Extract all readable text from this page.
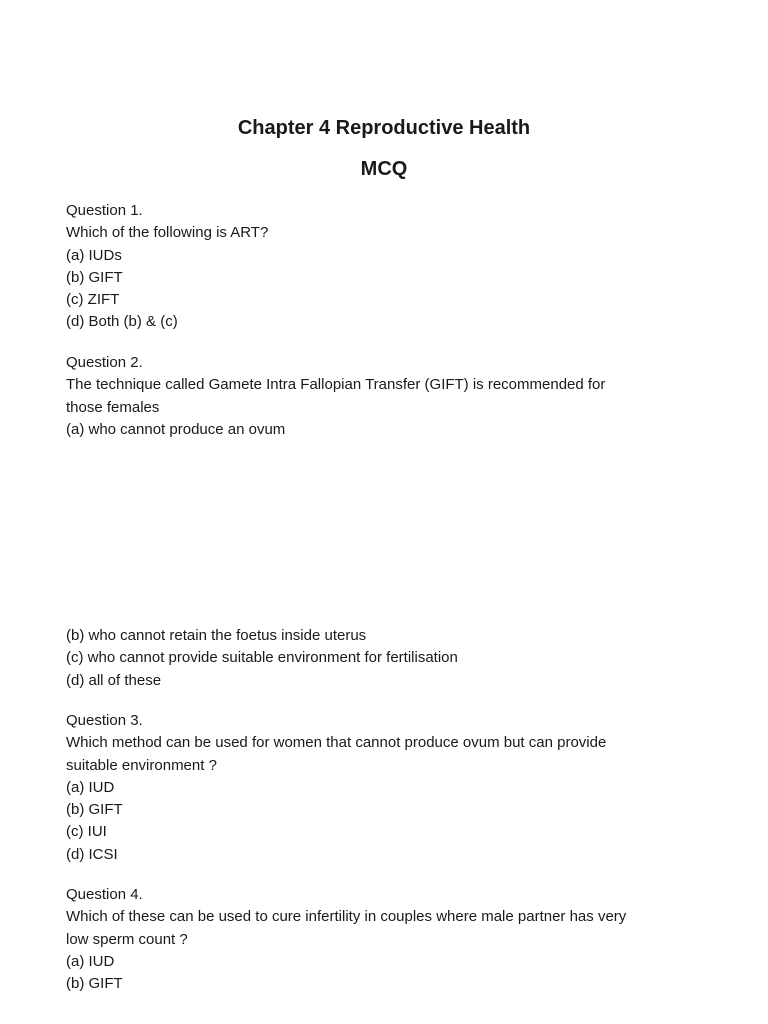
Chapter 4 Reproductive Health
MCQ
Question 1.
Which of the following is ART?
(a) IUDs
(b) GIFT
(c) ZIFT
(d) Both (b) & (c)
Question 2.
The technique called Gamete Intra Fallopian Transfer (GIFT) is recommended for
those females
(a) who cannot produce an ovum
(b) who cannot retain the foetus inside uterus
(c) who cannot provide suitable environment for fertilisation
(d) all of these
Question 3.
Which method can be used for women that cannot produce ovum but can provide
suitable environment ?
(a) IUD
(b) GIFT
(c) IUI
(d) ICSI
Question 4.
Which of these can be used to cure infertility in couples where male partner has very
low sperm count ?
(a) IUD
(b) GIFT
